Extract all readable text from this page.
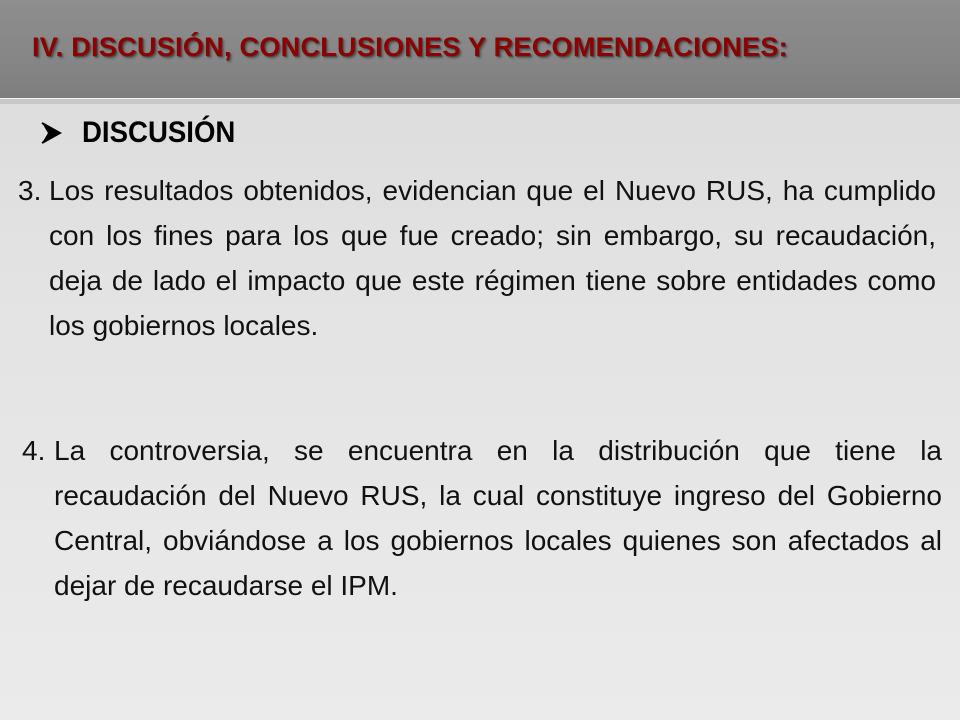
IV. DISCUSIÓN, CONCLUSIONES Y RECOMENDACIONES:
DISCUSIÓN
3. Los resultados obtenidos, evidencian que el Nuevo RUS, ha cumplido con los fines para los que fue creado; sin embargo, su recaudación, deja de lado el impacto que este régimen tiene sobre entidades como los gobiernos locales.
4. La controversia, se encuentra en la distribución que tiene la recaudación del Nuevo RUS, la cual constituye ingreso del Gobierno Central, obviándose a los gobiernos locales quienes son afectados al dejar de recaudarse el IPM.
